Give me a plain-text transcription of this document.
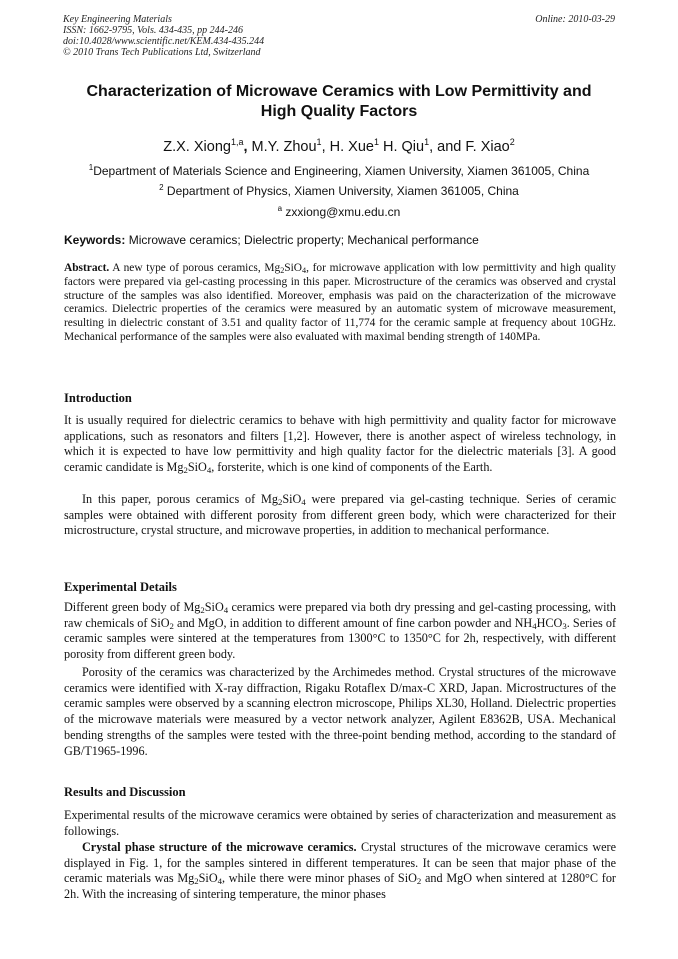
Key Engineering Materials
ISSN: 1662-9795, Vols. 434-435, pp 244-246
doi:10.4028/www.scientific.net/KEM.434-435.244
© 2010 Trans Tech Publications Ltd, Switzerland
Online: 2010-03-29
Characterization of Microwave Ceramics with Low Permittivity and
High Quality Factors
Z.X. Xiong$^{1,a}$, M.Y. Zhou$^1$, H. Xue$^1$ H. Qiu$^1$, and F. Xiao$^2$
$^1$Department of Materials Science and Engineering, Xiamen University, Xiamen 361005, China
$^2$ Department of Physics, Xiamen University, Xiamen 361005, China
$^a$ zxxiong@xmu.edu.cn
Keywords: Microwave ceramics; Dielectric property; Mechanical performance
Abstract. A new type of porous ceramics, $Mg_2SiO_4$, for microwave application with low permittivity and high quality factors were prepared via gel-casting processing in this paper. Microstructure of the ceramics was observed and crystal structure of the samples was also identified. Moreover, emphasis was paid on the characterization of the microwave ceramics. Dielectric properties of the ceramics were measured by an automatic system of microwave measurement, resulting in dielectric constant of 3.51 and quality factor of 11,774 for the ceramic sample at frequency about 10GHz. Mechanical performance of the samples were also evaluated with maximal bending strength of 140MPa.
Introduction

It is usually required for dielectric ceramics to behave with high permittivity and quality factor for microwave applications, such as resonators and filters [1,2]. However, there is another aspect of wireless technology, in which it is expected to have low permittivity and high quality factor for the dielectric materials [3]. A good ceramic candidate is $Mg_2SiO_4$, forsterite, which is one kind of components of the Earth.

In this paper, porous ceramics of $Mg_2SiO_4$ were prepared via gel-casting technique. Series of ceramic samples were obtained with different porosity from different green body, which were characterized for their microstructure, crystal structure, and microwave properties, in addition to mechanical performance.

Experimental Details

Different green body of $Mg_2SiO_4$ ceramics were prepared via both dry pressing and gel-casting processing, with raw chemicals of SiO$_2$ and MgO, in addition to different amount of fine carbon powder and $NH_4HCO_3$. Series of ceramic samples were sintered at the temperatures from 1300°C to 1350°C for 2h, respectively, with different porosity from different green body.

Porosity of the ceramics was characterized by the Archimedes method. Crystal structures of the microwave ceramics were identified with X-ray diffraction, Rigaku Rotaflex D/max-C XRD, Japan. Microstructures of the ceramic samples were observed by a scanning electron microscope, Philips XL30, Holland. Dielectric properties of the microwave materials were measured by a vector network analyzer, Agilent E8362B, USA. Mechanical bending strengths of the samples were tested with the three-point bending method, according to the standard of GB/T1965-1996.

Results and Discussion

Experimental results of the microwave ceramics were obtained by series of characterization and measurement as followings.

Crystal phase structure of the microwave ceramics. Crystal structures of the microwave ceramics were displayed in Fig. 1, for the samples sintered in different temperatures. It can be seen that major phase of the ceramic materials was $Mg_2SiO_4$, while there were minor phases of SiO$_2$ and MgO when sintered at 1280°C for 2h. With the increasing of sintering temperature, the minor phases
